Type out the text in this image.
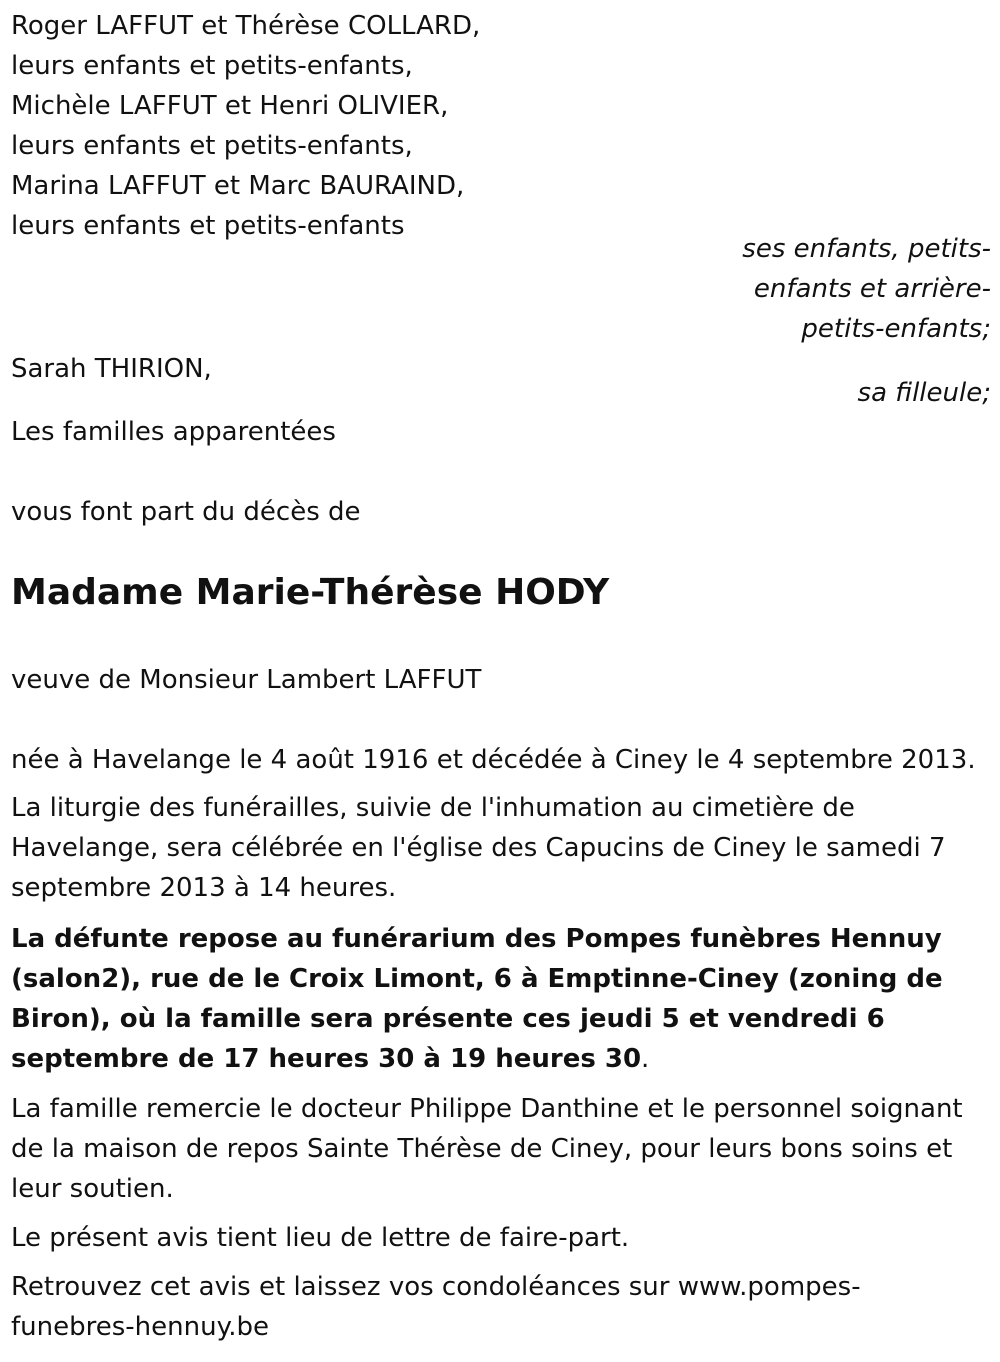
Roger LAFFUT et Thérèse COLLARD,

leurs enfants et petits-enfants,

Michèle LAFFUT et Henri OLIVIER,

leurs enfants et petits-enfants,

Marina LAFFUT et Marc BAURAIND,

leurs enfants et petits-enfants

ses enfants, petits-

enfants et arrière-

petits-enfants;

Sarah THIRION,

sa filleule;

Les familles apparentées

vous font part du décès de

Madame Marie-Thérèse HODY

veuve de Monsieur Lambert LAFFUT

née à Havelange le 4 août 1916 et décédée à Ciney le 4 septembre 2013.

La liturgie des funérailles, suivie de l'inhumation au cimetière de Havelange, sera célébrée en l'église des Capucins de Ciney le samedi 7 septembre 2013 à 14 heures.

La défunte repose au funérarium des Pompes funèbres Hennuy (salon2), rue de le Croix Limont, 6 à Emptinne-Ciney (zoning de Biron), où la famille sera présente ces jeudi 5 et vendredi 6 septembre de 17 heures 30 à 19 heures 30.

La famille remercie le docteur Philippe Danthine et le personnel soignant de la maison de repos Sainte Thérèse de Ciney, pour leurs bons soins et leur soutien.

Le présent avis tient lieu de lettre de faire-part.

Retrouvez cet avis et laissez vos condoléances sur www.pompes-funebres-hennuy.be
